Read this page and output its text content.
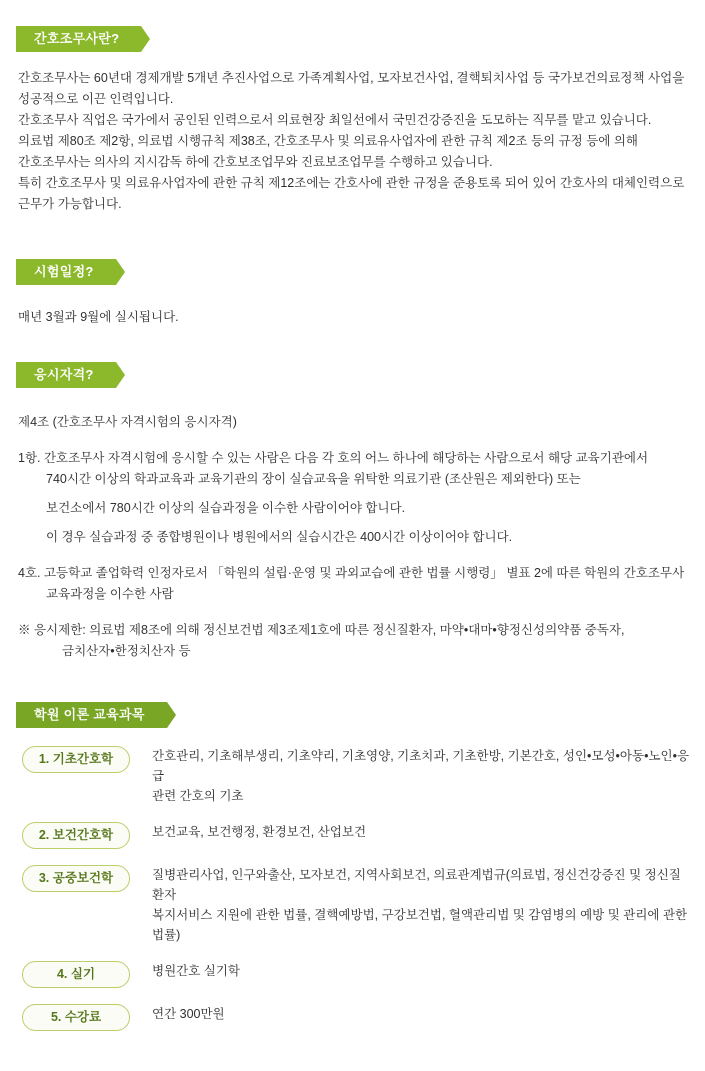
간호조무사란?

간호조무사는 60년대 경제개발 5개년 추진사업으로 가족계획사업, 모자보건사업, 결핵퇴치사업 등 국가보건의료정책 사업을

성공적으로 이끈 인력입니다.

간호조무사 직업은 국가에서 공인된 인력으로서 의료현장 최일선에서 국민건강증진을 도모하는 직무를 맡고 있습니다.

의료법 제80조 제2항, 의료법 시행규칙 제38조, 간호조무사 및 의료유사업자에 관한 규칙 제2조 등의 규정 등에 의해

간호조무사는 의사의 지시감독 하에 간호보조업무와 진료보조업무를 수행하고 있습니다.

특히 간호조무사 및 의료유사업자에 관한 규칙 제12조에는 간호사에 관한 규정을 준용토록 되어 있어 간호사의 대체인력으로

근무가 가능합니다.

시험일정?

매년 3월과 9월에 실시됩니다.

응시자격?

제4조 (간호조무사 자격시험의 응시자격)

1항. 간호조무사 자격시험에 응시할 수 있는 사람은 다음 각 호의 어느 하나에 해당하는 사람으로서 해당 교육기관에서

740시간 이상의 학과교육과 교육기관의 장이 실습교육을 위탁한 의료기관 (조산원은 제외한다) 또는

보건소에서 780시간 이상의 실습과정을 이수한 사람이어야 합니다.

이 경우 실습과정 중 종합병원이나 병원에서의 실습시간은 400시간 이상이어야 합니다.

4호. 고등학교 졸업학력 인정자로서 「학원의 설립·운영 및 과외교습에 관한 법률 시행령」 별표 2에 따른 학원의 간호조무사

교육과정을 이수한 사람

※ 응시제한: 의료법 제8조에 의해 정신보건법 제3조제1호에 따른 정신질환자, 마약•대마•향정신성의약품 중독자,

금치산자•한정치산자 등

학원 이론 교육과목
1. 기초간호학	간호관리, 기초해부생리, 기초약리, 기초영양, 기초치과, 기초한방, 기본간호, 성인•모성•아동•노인•응급
관련 간호의 기초

2. 보건간호학	보건교육, 보건행정, 환경보건, 산업보건

3. 공중보건학	질병관리사업, 인구와출산, 모자보건, 지역사회보건, 의료관계법규(의료법, 정신건강증진 및 정신질환자
복지서비스 지원에 관한 법률, 결핵예방법, 구강보건법, 혈액관리법 및 감염병의 예방 및 관리에 관한 법률)

4. 실기	병원간호 실기학

5. 수강료	연간 300만원
